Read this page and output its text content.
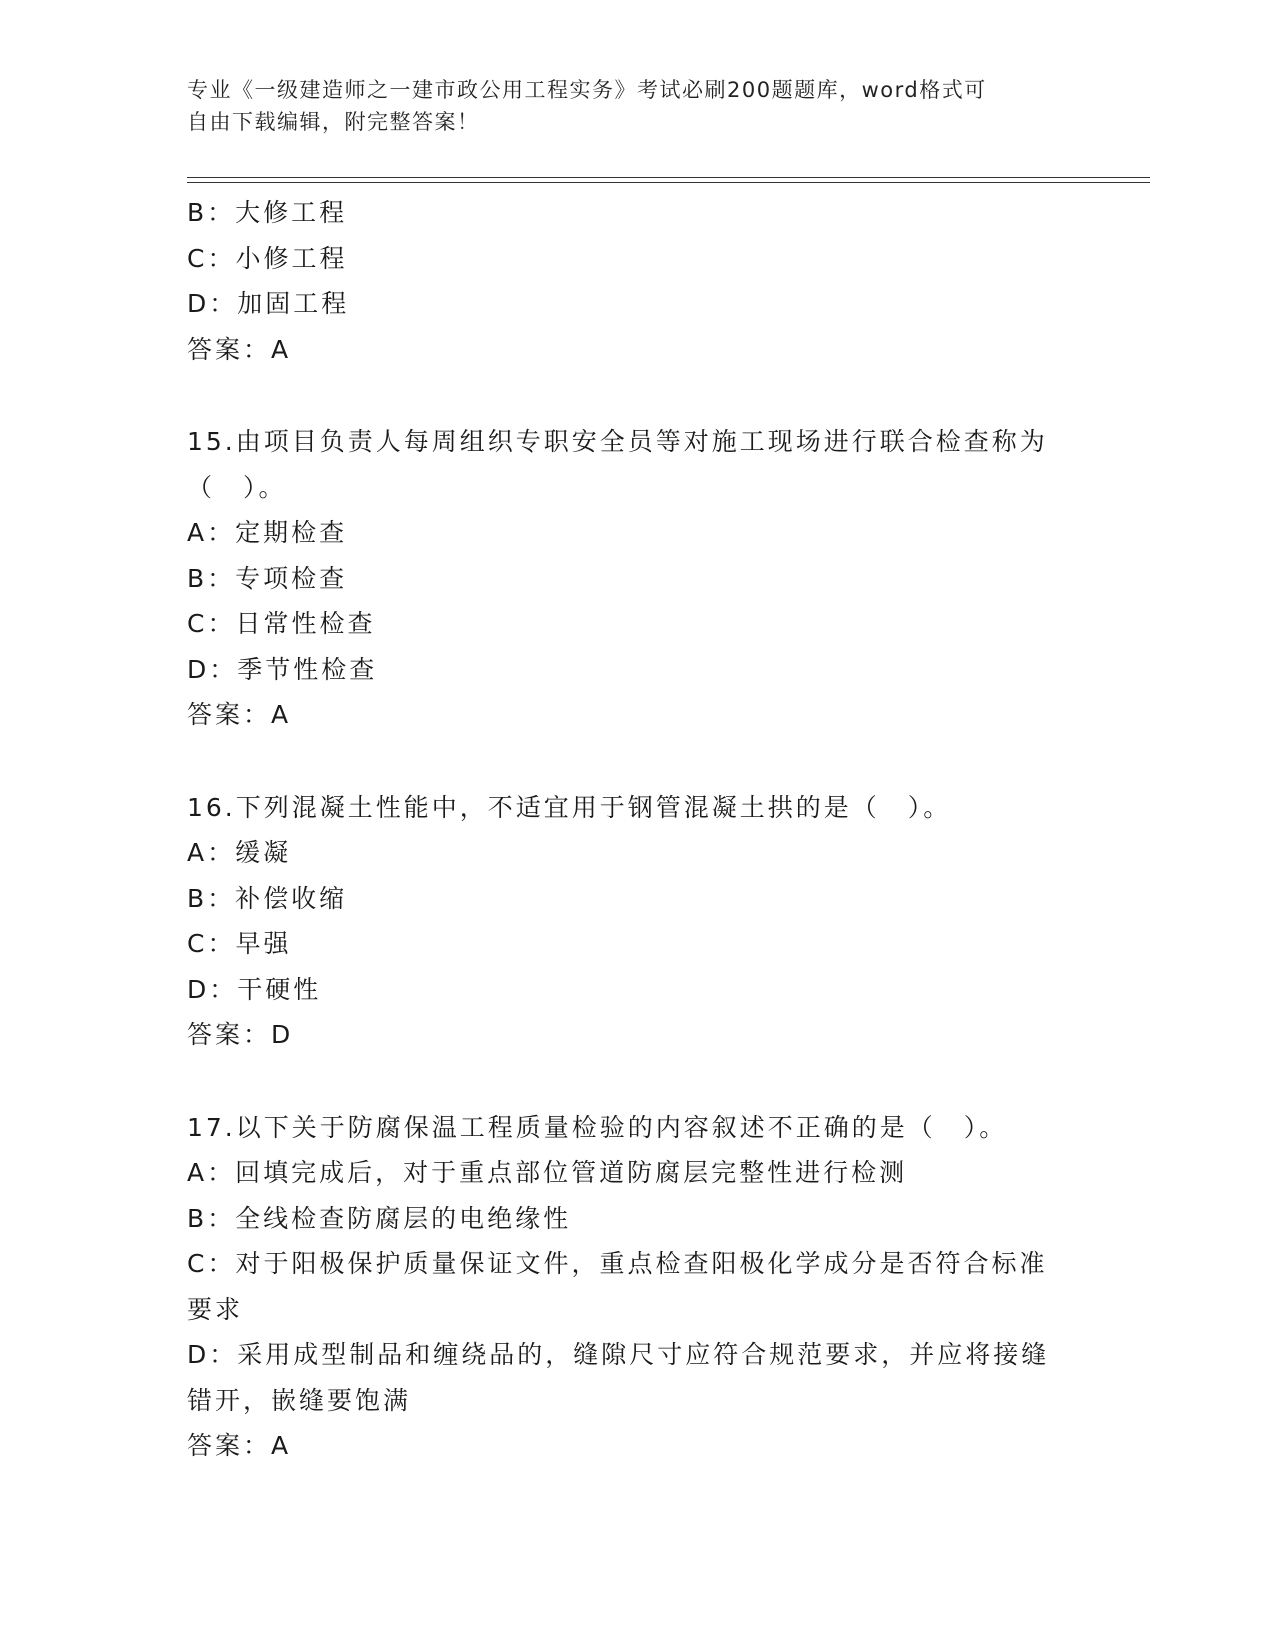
专业《一级建造师之一建市政公用工程实务》考试必刷200题题库，word格式可
自由下载编辑，附完整答案！
B：大修工程
C：小修工程
D：加固工程
答案：A
15.由项目负责人每周组织专职安全员等对施工现场进行联合检查称为
（　）。
A：定期检查
B：专项检查
C：日常性检查
D：季节性检查
答案：A
16.下列混凝土性能中，不适宜用于钢管混凝土拱的是（　）。
A：缓凝
B：补偿收缩
C：早强
D：干硬性
答案：D
17.以下关于防腐保温工程质量检验的内容叙述不正确的是（　）。
A：回填完成后，对于重点部位管道防腐层完整性进行检测
B：全线检查防腐层的电绝缘性
C：对于阳极保护质量保证文件，重点检查阳极化学成分是否符合标准
要求
D：采用成型制品和缠绕品的，缝隙尺寸应符合规范要求，并应将接缝
错开，嵌缝要饱满
答案：A
